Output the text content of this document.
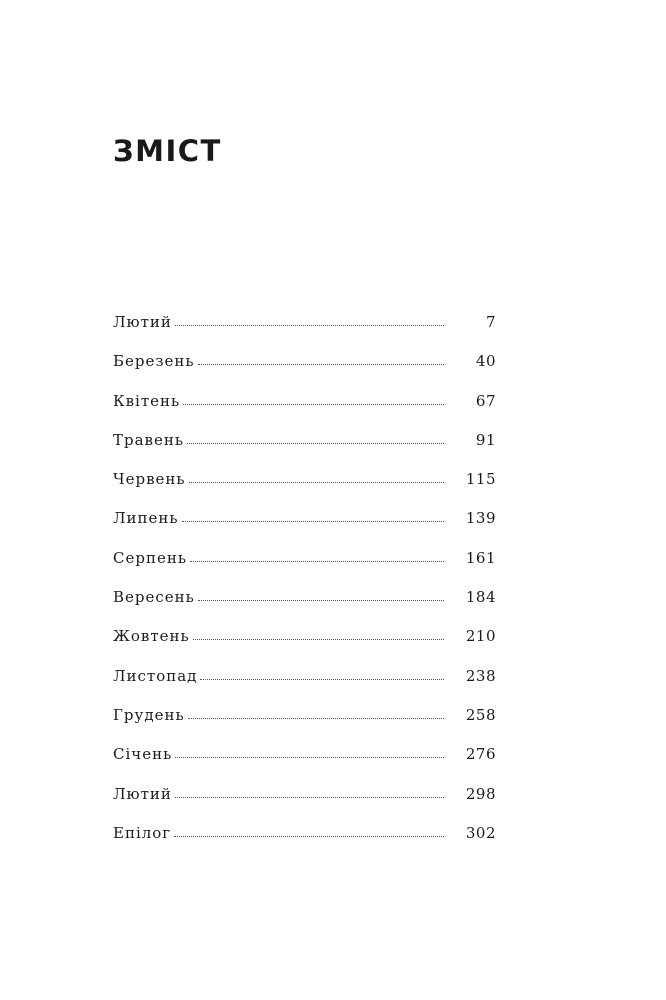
ЗМІСТ
Лютий	7
Березень	40
Квітень	67
Травень	91
Червень	115
Липень	139
Серпень	161
Вересень	184
Жовтень	210
Листопад	238
Грудень	258
Січень	276
Лютий	298
Епілог	302
